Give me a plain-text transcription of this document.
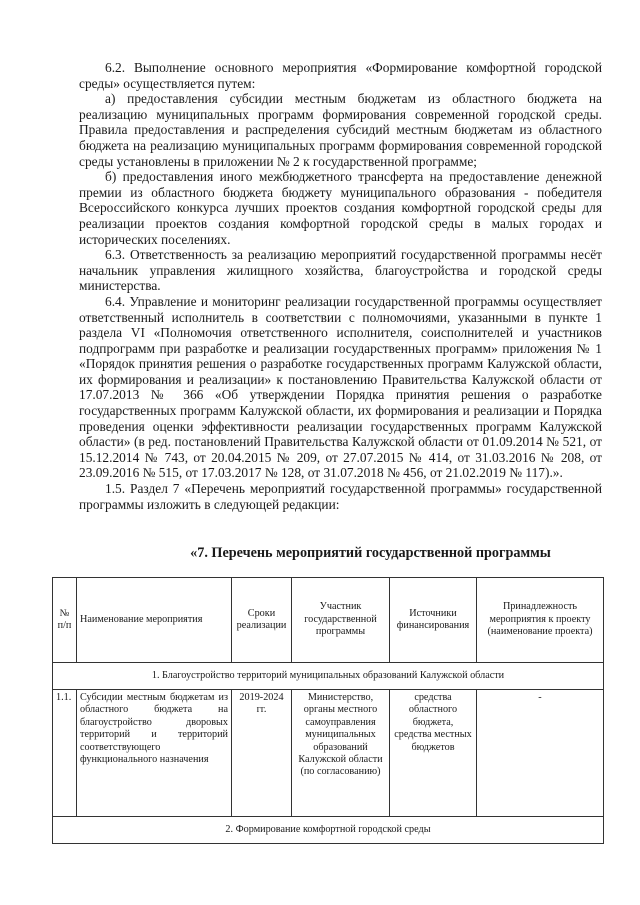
6.2. Выполнение основного мероприятия «Формирование комфортной городской среды» осуществляется путем:

а) предоставления субсидии местным бюджетам из областного бюджета на реализацию муниципальных программ формирования современной городской среды. Правила предоставления и распределения субсидий местным бюджетам из областного бюджета на реализацию муниципальных программ формирования современной городской среды установлены в приложении № 2 к государственной программе;

б) предоставления иного межбюджетного трансферта на предоставление денежной премии из областного бюджета бюджету муниципального образования - победителя Всероссийского конкурса лучших проектов создания комфортной городской среды для реализации проектов создания комфортной городской среды в малых городах и исторических поселениях.

6.3. Ответственность за реализацию мероприятий государственной программы несёт начальник управления жилищного хозяйства, благоустройства и городской среды министерства.

6.4. Управление и мониторинг реализации государственной программы осуществляет ответственный исполнитель в соответствии с полномочиями, указанными в пункте 1 раздела VI «Полномочия ответственного исполнителя, соисполнителей и участников подпрограмм при разработке и реализации государственных программ» приложения № 1 «Порядок принятия решения о разработке государственных программ Калужской области, их формирования и реализации» к постановлению Правительства Калужской области от 17.07.2013 № 366 «Об утверждении Порядка принятия решения о разработке государственных программ Калужской области, их формирования и реализации и Порядка проведения оценки эффективности реализации государственных программ Калужской области» (в ред. постановлений Правительства Калужской области от 01.09.2014 № 521, от 15.12.2014 № 743, от 20.04.2015 № 209, от 27.07.2015 № 414, от 31.03.2016 № 208, от 23.09.2016 № 515, от 17.03.2017 № 128, от 31.07.2018 № 456, от 21.02.2019 № 117).».

1.5. Раздел 7 «Перечень мероприятий государственной программы» государственной программы изложить в следующей редакции:

«7. Перечень мероприятий государственной программы
№ п/п	Наименование мероприятия	Сроки реализации	Участник государственной программы	Источники финансирования	Принадлежность мероприятия к проекту (наименование проекта)
1. Благоустройство территорий муниципальных образований Калужской области					
1.1.	Субсидии местным бюджетам из областного бюджета на благоустройство дворовых территорий и территорий соответствующего функционального назначения	2019-2024 гг.	Министерство, органы местного самоуправления муниципальных образований Калужской области (по согласованию)	средства областного бюджета, средства местных бюджетов	-
2. Формирование комфортной городской среды					
